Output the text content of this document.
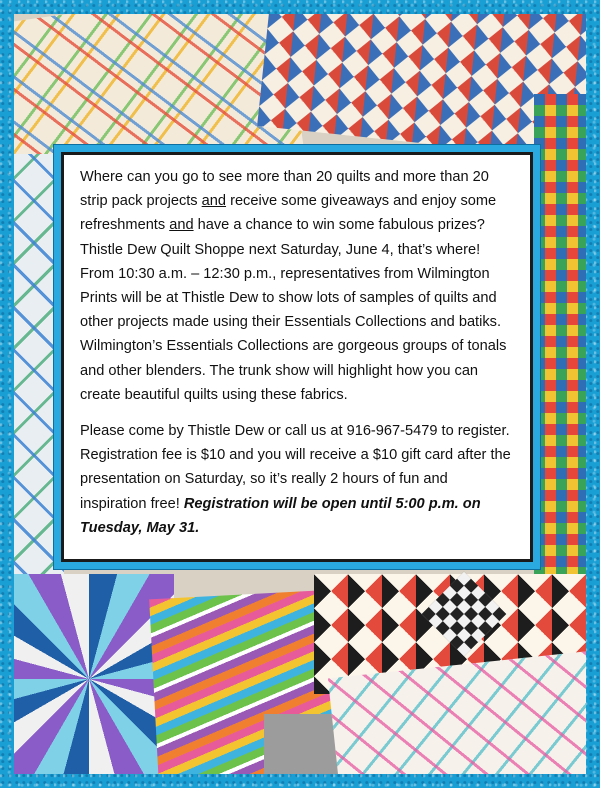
Where can you go to see more than 20 quilts and more than 20 strip pack projects and receive some giveaways and enjoy some refreshments and have a chance to win some fabulous prizes? Thistle Dew Quilt Shoppe next Saturday, June 4, that’s where! From 10:30 a.m. – 12:30 p.m., representatives from Wilmington Prints will be at Thistle Dew to show lots of samples of quilts and other projects made using their Essentials Collections and batiks. Wilmington’s Essentials Collections are gorgeous groups of tonals and other blenders. The trunk show will highlight how you can create beautiful quilts using these fabrics.

Please come by Thistle Dew or call us at 916-967-5479 to register. Registration fee is $10 and you will receive a $10 gift card after the presentation on Saturday, so it’s really 2 hours of fun and inspiration free! Registration will be open until 5:00 p.m. on Tuesday, May 31.
